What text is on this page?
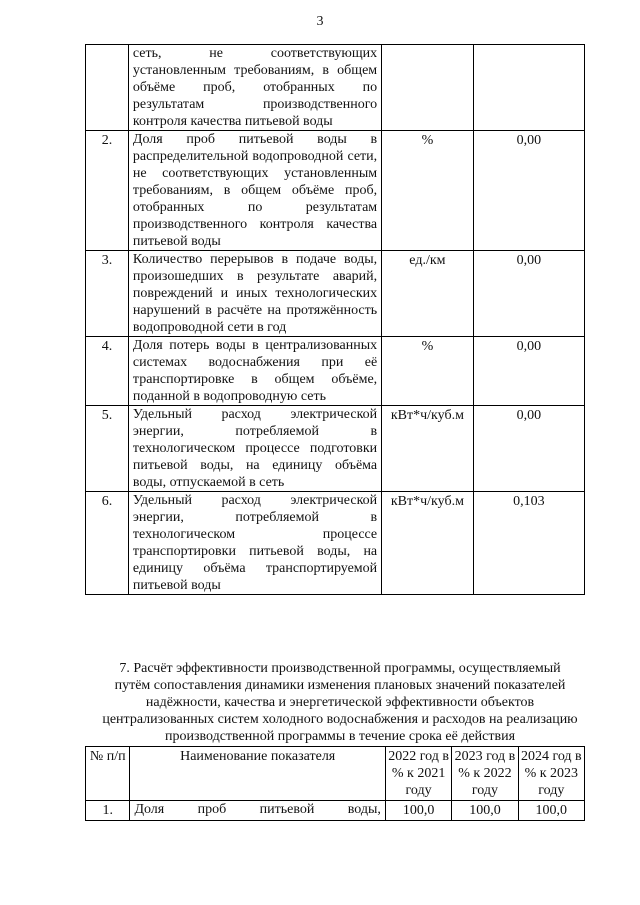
3
	сеть, не соответствующих установленным требованиям, в общем объёме проб, отобранных по результатам производственного контроля качества питьевой воды		
2.	Доля проб питьевой воды в распределительной водопроводной сети, не соответствующих установленным требованиям, в общем объёме проб, отобранных по результатам производственного контроля качества питьевой воды	%	0,00
3.	Количество перерывов в подаче воды, произошедших в результате аварий, повреждений и иных технологических нарушений в расчёте на протяжённость водопроводной сети в год	ед./км	0,00
4.	Доля потерь воды в централизованных системах водоснабжения при её транспортировке в общем объёме, поданной в водопроводную сеть	%	0,00
5.	Удельный расход электрической энергии, потребляемой в технологическом процессе подготовки питьевой воды, на единицу объёма воды, отпускаемой в сеть	кВт*ч/куб.м	0,00
6.	Удельный расход электрической энергии, потребляемой в технологическом процессе транспортировки питьевой воды, на единицу объёма транспортируемой питьевой воды	кВт*ч/куб.м	0,103
7. Расчёт эффективности производственной программы, осуществляемый путём сопоставления динамики изменения плановых значений показателей надёжности, качества и энергетической эффективности объектов централизованных систем холодного водоснабжения и расходов на реализацию производственной программы в течение срока её действия
№ п/п	Наименование показателя	2022 год в % к 2021 году	2023 год в % к 2022 году	2024 год в % к 2023 году
1.	Доля проб питьевой воды,	100,0	100,0	100,0
